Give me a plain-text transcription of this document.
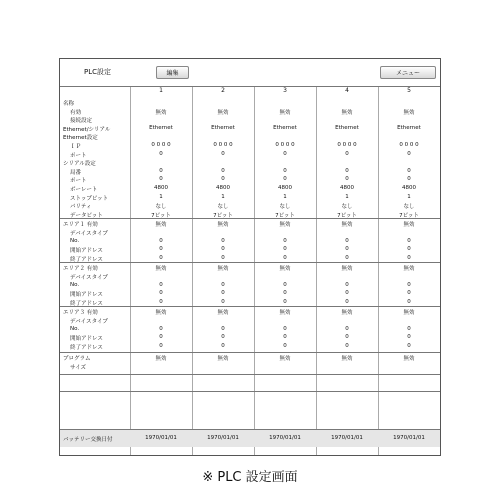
PLC設定	編集	メニュー
1	2	3	4	5
名称
有効	無効	無効	無効	無効	無効
接続設定
Ethernet/シリアル	Ethernet	Ethernet	Ethernet	Ethernet	Ethernet
Ethernet設定
ＩＰ	0 0 0 0	0 0 0 0	0 0 0 0	0 0 0 0	0 0 0 0
ポート	0	0	0	0	0
シリアル設定
局番	0	0	0	0	0
ポート	0	0	0	0	0
ボーレート	4800	4800	4800	4800	4800
ストップビット	1	1	1	1	1
パリティ	なし	なし	なし	なし	なし
データビット	7ビット	7ビット	7ビット	7ビット	7ビット
エリア１ 有効	無効	無効	無効	無効	無効
デバイスタイプ
No.	0	0	0	0	0
開始アドレス	0	0	0	0	0
終了アドレス	0	0	0	0	0
エリア２ 有効	無効	無効	無効	無効	無効
デバイスタイプ
No.	0	0	0	0	0
開始アドレス	0	0	0	0	0
終了アドレス	0	0	0	0	0
エリア３ 有効	無効	無効	無効	無効	無効
デバイスタイプ
No.	0	0	0	0	0
開始アドレス	0	0	0	0	0
終了アドレス	0	0	0	0	0
プログラム	無効	無効	無効	無効	無効
サイズ
バッテリー交換日付	1970/01/01	1970/01/01	1970/01/01	1970/01/01	1970/01/01
※ PLC 設定画面
